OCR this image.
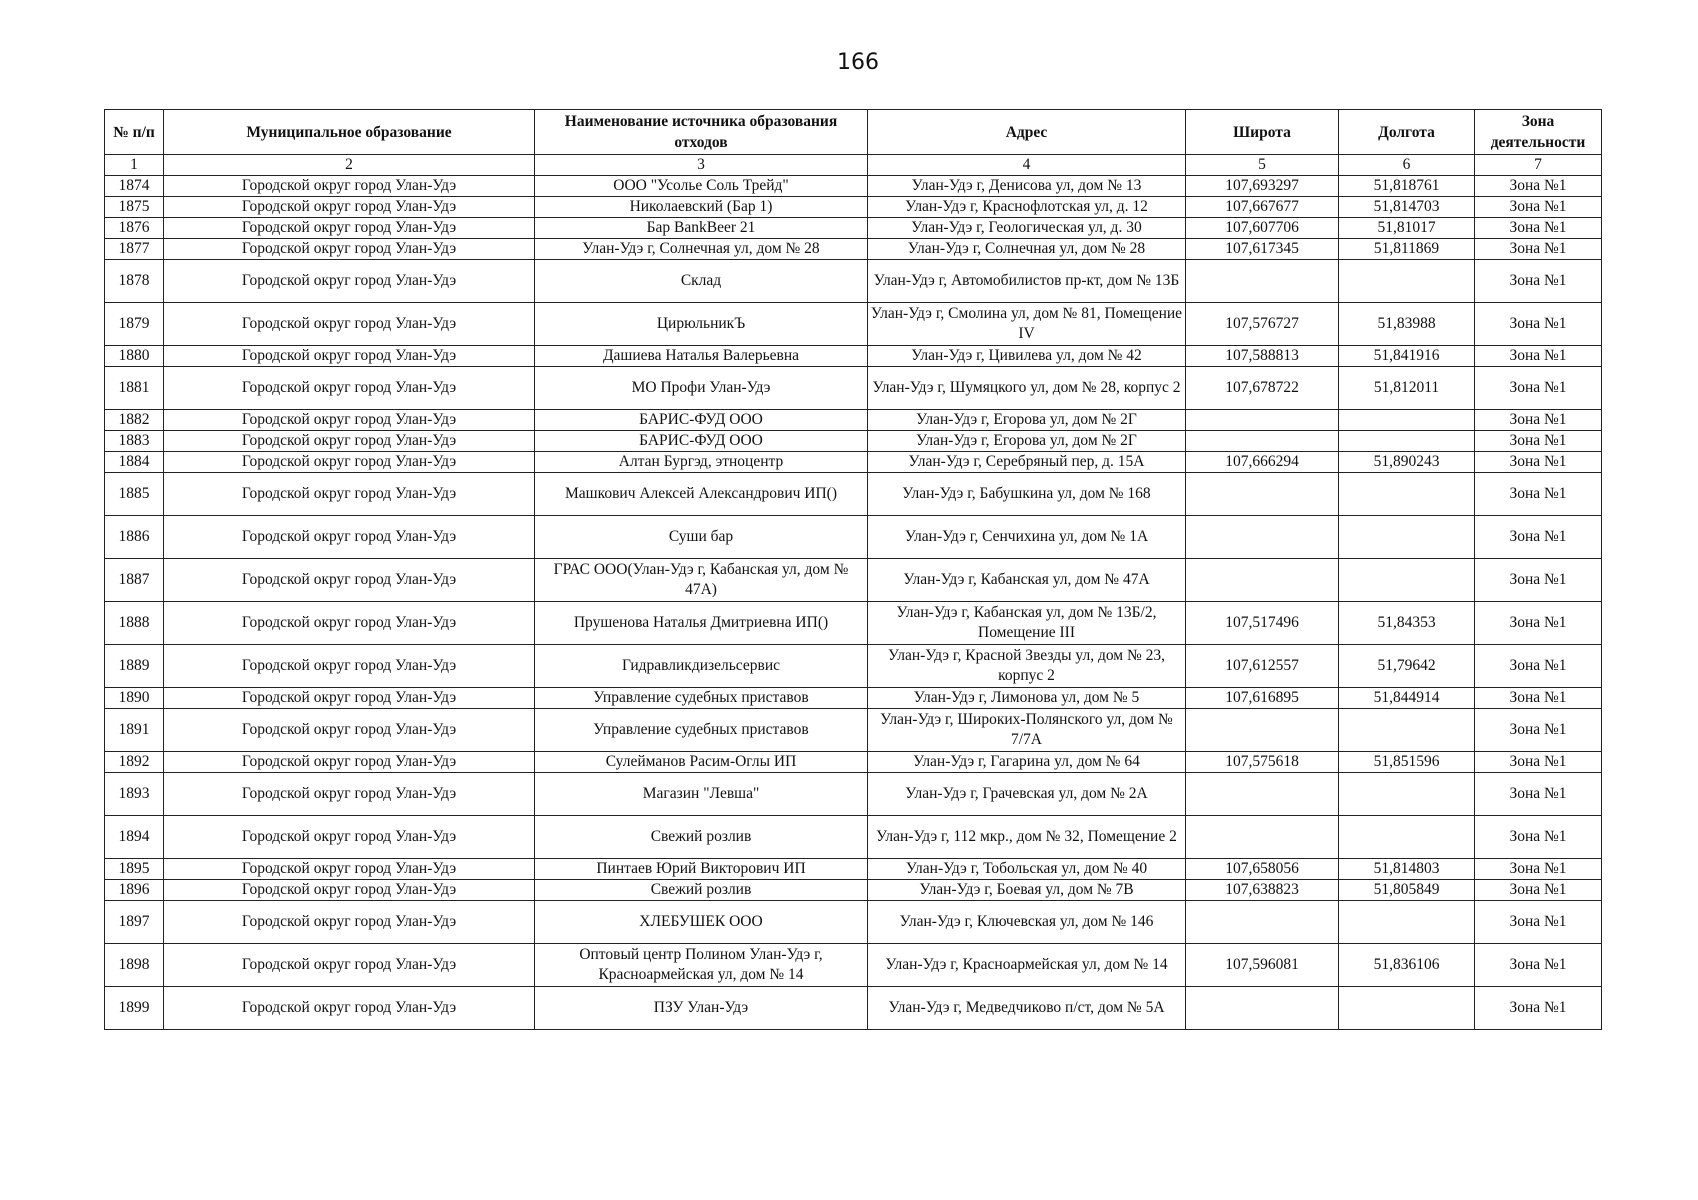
166
№ п/п	Муниципальное образование	Наименование источника образования отходов	Адрес	Широта	Долгота	Зона деятельности
1	2	3	4	5	6	7
1874	Городской округ город Улан-Удэ	ООО "Усолье Соль Трейд"	Улан-Удэ г, Денисова ул, дом № 13	107,693297	51,818761	Зона №1
1875	Городской округ город Улан-Удэ	Николаевский (Бар 1)	Улан-Удэ г, Краснофлотская ул, д. 12	107,667677	51,814703	Зона №1
1876	Городской округ город Улан-Удэ	Бар BankBeer 21	Улан-Удэ г, Геологическая ул, д. 30	107,607706	51,81017	Зона №1
1877	Городской округ город Улан-Удэ	Улан-Удэ г, Солнечная ул, дом № 28	Улан-Удэ г, Солнечная ул, дом № 28	107,617345	51,811869	Зона №1
1878	Городской округ город Улан-Удэ	Склад	Улан-Удэ г, Автомобилистов пр-кт, дом № 13Б			Зона №1
1879	Городской округ город Улан-Удэ	ЦирюльникЪ	Улан-Удэ г, Смолина ул, дом № 81, Помещение IV	107,576727	51,83988	Зона №1
1880	Городской округ город Улан-Удэ	Дашиева Наталья Валерьевна	Улан-Удэ г, Цивилева ул, дом № 42	107,588813	51,841916	Зона №1
1881	Городской округ город Улан-Удэ	МО Профи Улан-Удэ	Улан-Удэ г, Шумяцкого ул, дом № 28, корпус 2	107,678722	51,812011	Зона №1
1882	Городской округ город Улан-Удэ	БАРИС-ФУД ООО	Улан-Удэ г, Егорова ул, дом № 2Г			Зона №1
1883	Городской округ город Улан-Удэ	БАРИС-ФУД ООО	Улан-Удэ г, Егорова ул, дом № 2Г			Зона №1
1884	Городской округ город Улан-Удэ	Алтан Бургэд, этноцентр	Улан-Удэ г, Серебряный пер, д. 15А	107,666294	51,890243	Зона №1
1885	Городской округ город Улан-Удэ	Машкович Алексей Александрович ИП()	Улан-Удэ г, Бабушкина ул, дом № 168			Зона №1
1886	Городской округ город Улан-Удэ	Суши бар	Улан-Удэ г, Сенчихина ул, дом № 1А			Зона №1
1887	Городской округ город Улан-Удэ	ГРАС ООО(Улан-Удэ г, Кабанская ул, дом № 47А)	Улан-Удэ г, Кабанская ул, дом № 47А			Зона №1
1888	Городской округ город Улан-Удэ	Прушенова Наталья Дмитриевна ИП()	Улан-Удэ г, Кабанская ул, дом № 13Б/2, Помещение III	107,517496	51,84353	Зона №1
1889	Городской округ город Улан-Удэ	Гидравликдизельсервис	Улан-Удэ г, Красной Звезды ул, дом № 23, корпус 2	107,612557	51,79642	Зона №1
1890	Городской округ город Улан-Удэ	Управление судебных приставов	Улан-Удэ г, Лимонова ул, дом № 5	107,616895	51,844914	Зона №1
1891	Городской округ город Улан-Удэ	Управление судебных приставов	Улан-Удэ г, Широких-Полянского ул, дом № 7/7А			Зона №1
1892	Городской округ город Улан-Удэ	Сулейманов Расим-Оглы ИП	Улан-Удэ г, Гагарина ул, дом № 64	107,575618	51,851596	Зона №1
1893	Городской округ город Улан-Удэ	Магазин "Левша"	Улан-Удэ г, Грачевская ул, дом № 2А			Зона №1
1894	Городской округ город Улан-Удэ	Свежий розлив	Улан-Удэ г, 112 мкр., дом № 32, Помещение 2			Зона №1
1895	Городской округ город Улан-Удэ	Пинтаев Юрий Викторович ИП	Улан-Удэ г, Тобольская ул, дом № 40	107,658056	51,814803	Зона №1
1896	Городской округ город Улан-Удэ	Свежий розлив	Улан-Удэ г, Боевая ул, дом № 7В	107,638823	51,805849	Зона №1
1897	Городской округ город Улан-Удэ	ХЛЕБУШЕК ООО	Улан-Удэ г, Ключевская ул, дом № 146			Зона №1
1898	Городской округ город Улан-Удэ	Оптовый центр Полином Улан-Удэ г, Красноармейская ул, дом № 14	Улан-Удэ г, Красноармейская ул, дом № 14	107,596081	51,836106	Зона №1
1899	Городской округ город Улан-Удэ	ПЗУ Улан-Удэ	Улан-Удэ г, Медведчиково п/ст, дом № 5А			Зона №1
